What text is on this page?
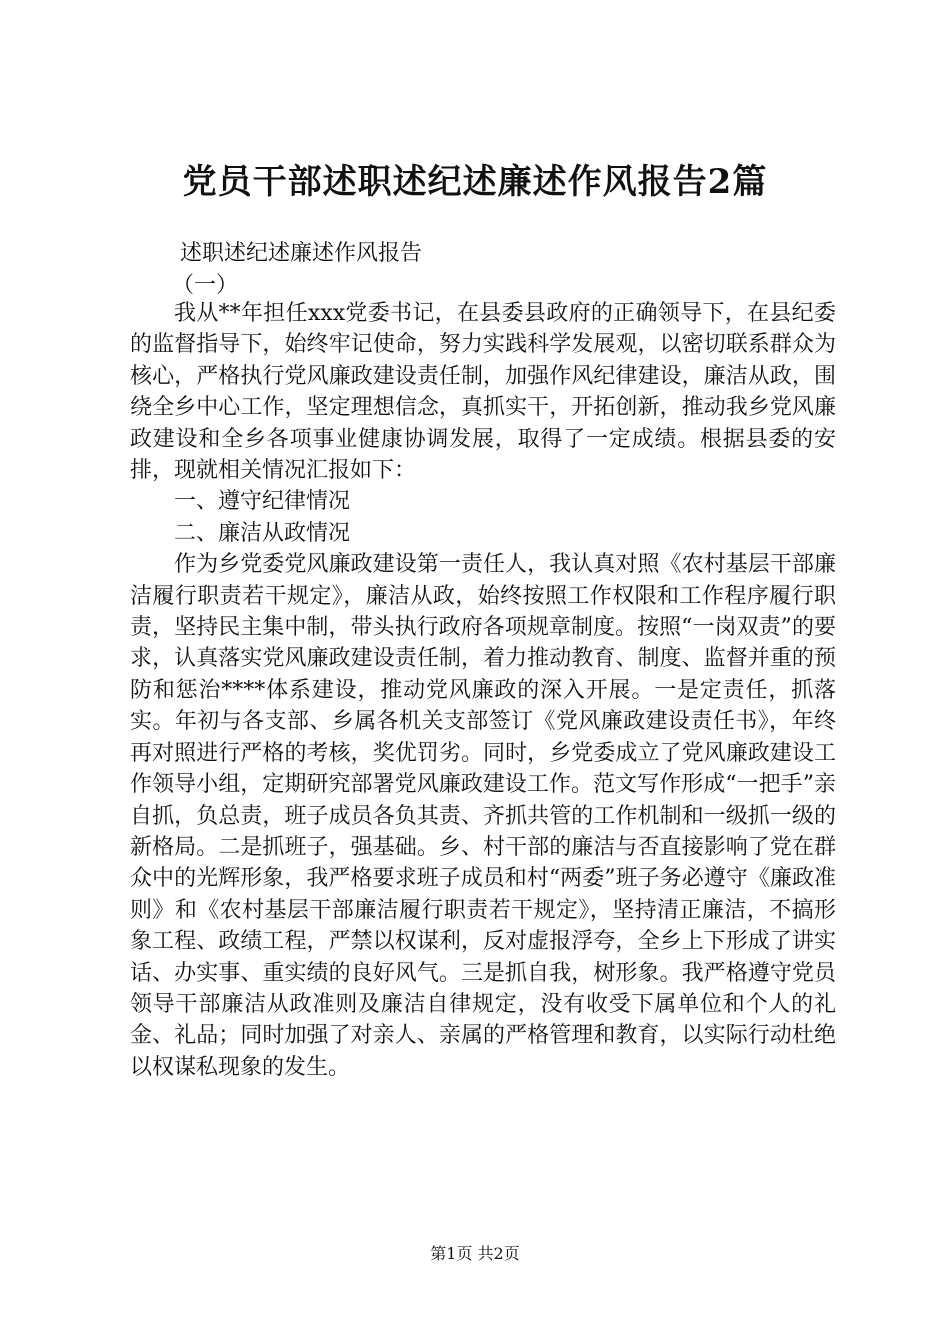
党员干部述职述纪述廉述作风报告2篇
述职述纪述廉述作风报告
（一）

我从**年担任xxx党委书记，在县委县政府的正确领导下，在县纪委的监督指导下，始终牢记使命，努力实践科学发展观，以密切联系群众为核心，严格执行党风廉政建设责任制，加强作风纪律建设，廉洁从政，围绕全乡中心工作，坚定理想信念，真抓实干，开拓创新，推动我乡党风廉政建设和全乡各项事业健康协调发展，取得了一定成绩。根据县委的安排，现就相关情况汇报如下：

一、遵守纪律情况

二、廉洁从政情况

作为乡党委党风廉政建设第一责任人，我认真对照《农村基层干部廉洁履行职责若干规定》，廉洁从政，始终按照工作权限和工作程序履行职责，坚持民主集中制，带头执行政府各项规章制度。按照“一岗双责”的要求，认真落实党风廉政建设责任制，着力推动教育、制度、监督并重的预防和惩治****体系建设，推动党风廉政的深入开展。一是定责任，抓落实。年初与各支部、乡属各机关支部签订《党风廉政建设责任书》，年终再对照进行严格的考核，奖优罚劣。同时，乡党委成立了党风廉政建设工作领导小组，定期研究部署党风廉政建设工作。范文写作形成“一把手”亲自抓，负总责，班子成员各负其责、齐抓共管的工作机制和一级抓一级的新格局。二是抓班子，强基础。乡、村干部的廉洁与否直接影响了党在群众中的光辉形象，我严格要求班子成员和村“两委”班子务必遵守《廉政准则》和《农村基层干部廉洁履行职责若干规定》，坚持清正廉洁，不搞形象工程、政绩工程，严禁以权谋利，反对虚报浮夸，全乡上下形成了讲实话、办实事、重实绩的良好风气。三是抓自我，树形象。我严格遵守党员领导干部廉洁从政准则及廉洁自律规定，没有收受下属单位和个人的礼金、礼品；同时加强了对亲人、亲属的严格管理和教育，以实际行动杜绝以权谋私现象的发生。

第1页 共2页
